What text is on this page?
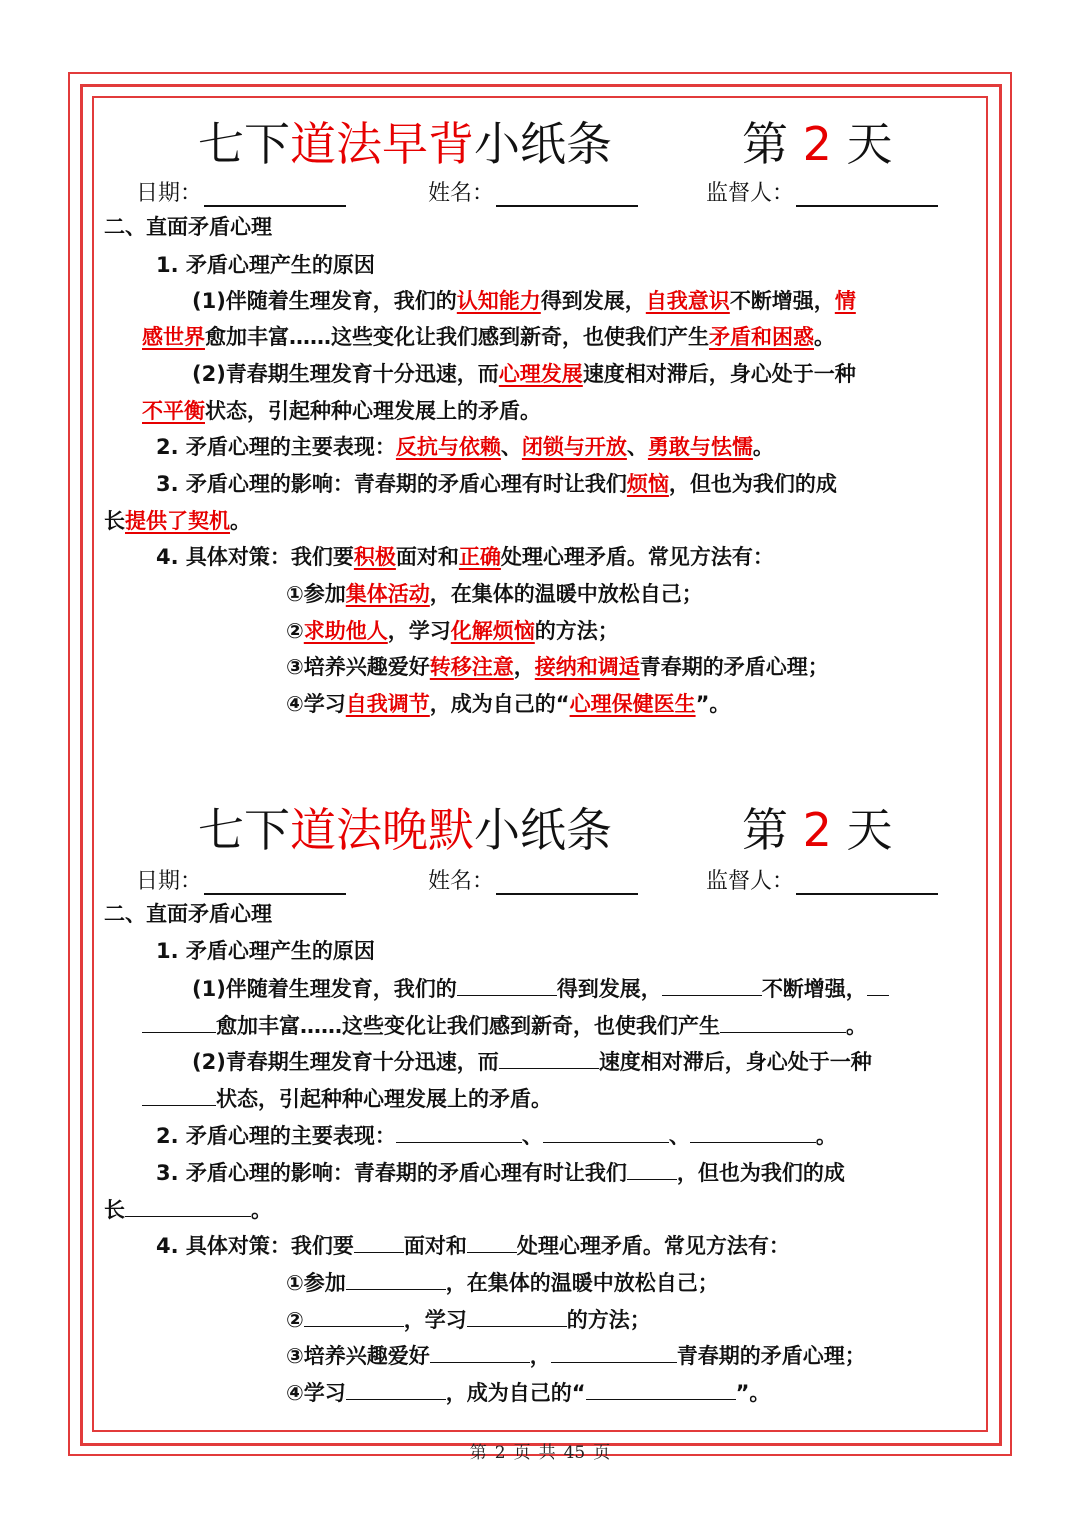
七下道法早背小纸条	第 2 天
日期：	姓名：	监督人：
二、直面矛盾心理
1. 矛盾心理产生的原因
(1)伴随着生理发育，我们的认知能力得到发展，自我意识不断增强，情
感世界愈加丰富……这些变化让我们感到新奇，也使我们产生矛盾和困惑。
(2)青春期生理发育十分迅速，而心理发展速度相对滞后，身心处于一种
不平衡状态，引起种种心理发展上的矛盾。
2. 矛盾心理的主要表现：反抗与依赖、闭锁与开放、勇敢与怯懦。
3. 矛盾心理的影响：青春期的矛盾心理有时让我们烦恼，但也为我们的成
长提供了契机。
4. 具体对策：我们要积极面对和正确处理心理矛盾。常见方法有：
①参加集体活动，在集体的温暖中放松自己；
②求助他人，学习化解烦恼的方法；
③培养兴趣爱好转移注意，接纳和调适青春期的矛盾心理；
④学习自我调节，成为自己的“心理保健医生”。
七下道法晚默小纸条	第 2 天
日期：	姓名：	监督人：
二、直面矛盾心理
1. 矛盾心理产生的原因
(1)伴随着生理发育，我们的	得到发展，	不断增强，
愈加丰富……这些变化让我们感到新奇，也使我们产生	。
(2)青春期生理发育十分迅速，而	速度相对滞后，身心处于一种
状态，引起种种心理发展上的矛盾。
2. 矛盾心理的主要表现：	、	、	。
3. 矛盾心理的影响：青春期的矛盾心理有时让我们 ，但也为我们的成
长	。
4. 具体对策：我们要 面对和 处理心理矛盾。常见方法有：
①参加	，在集体的温暖中放松自己；
②	，学习	的方法；
③培养兴趣爱好	，	青春期的矛盾心理；
④学习	，成为自己的“	”。
第 2 页 共 45 页
